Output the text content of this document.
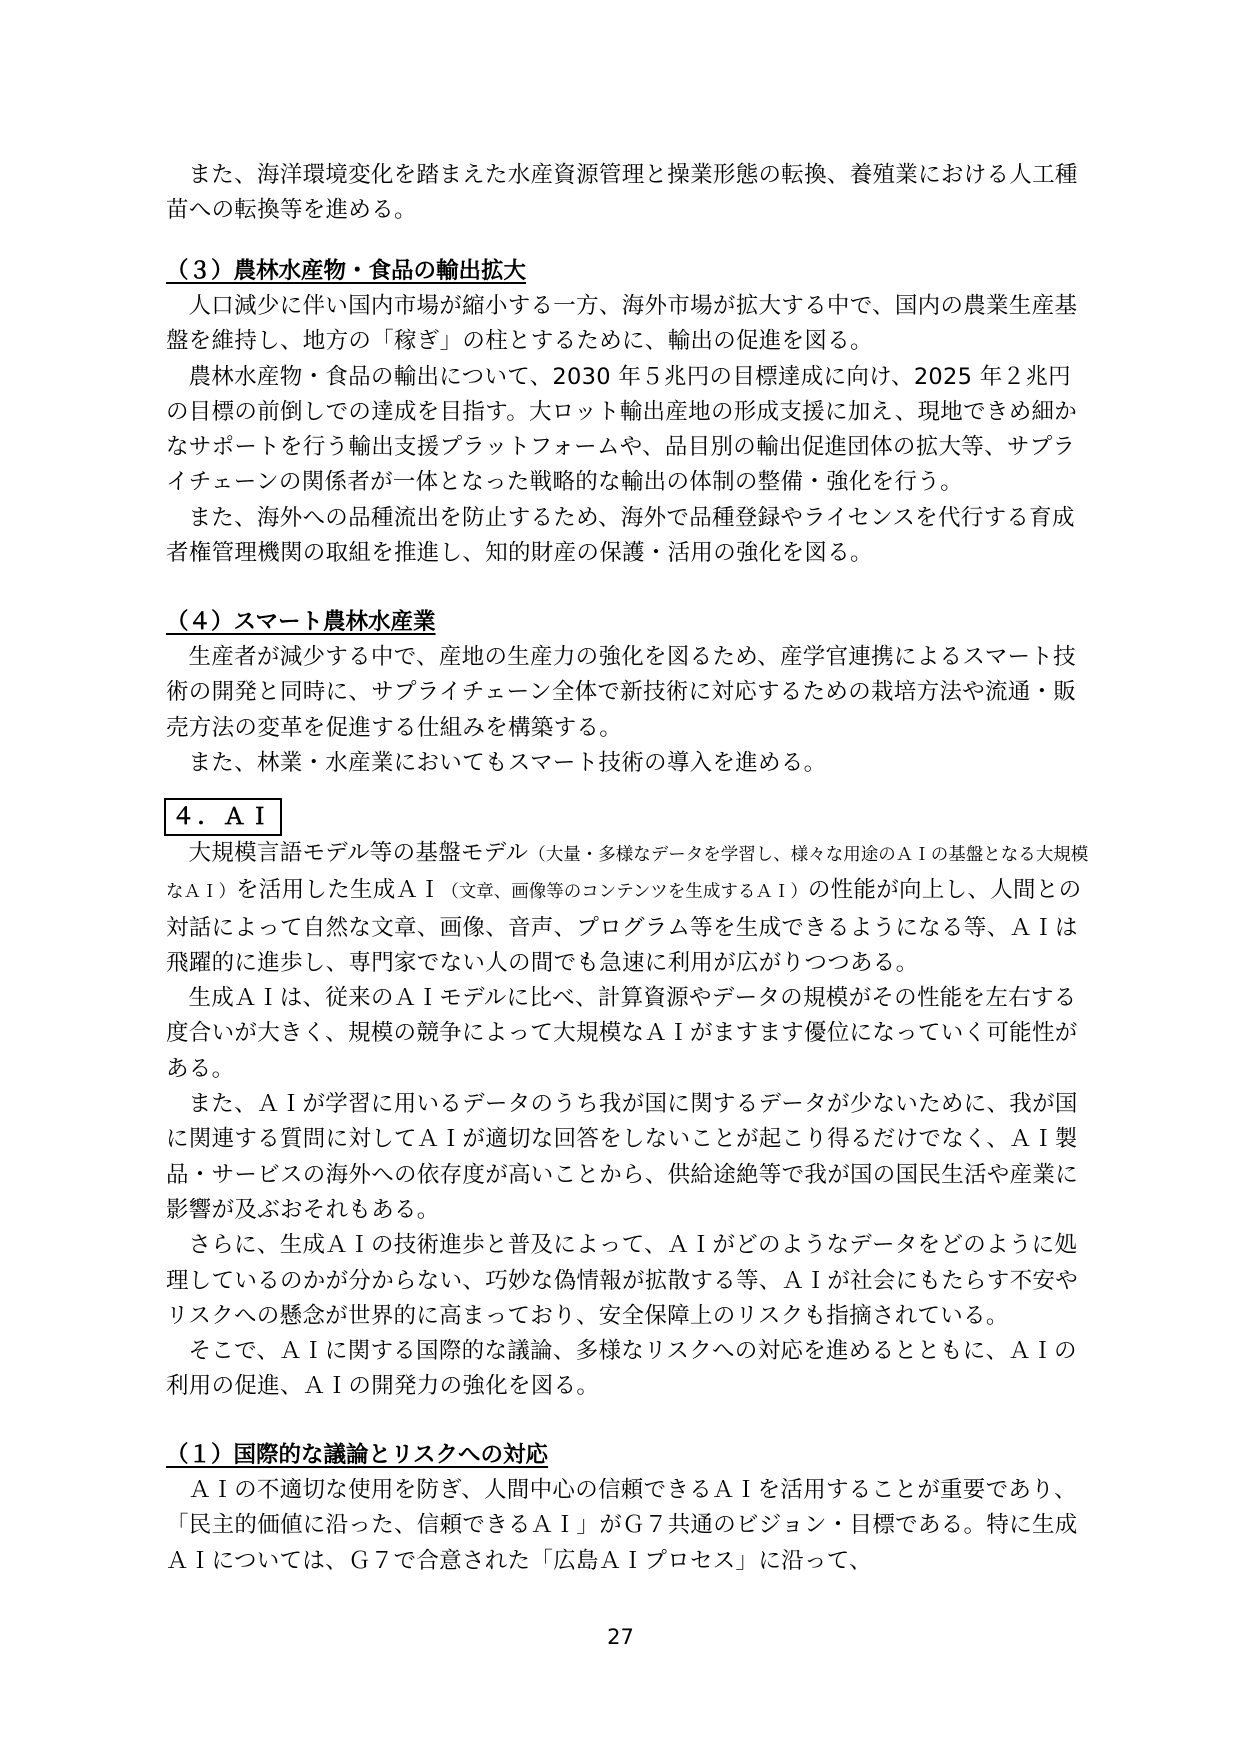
また、海洋環境変化を踏まえた水産資源管理と操業形態の転換、養殖業における人工種苗への転換等を進める。

（３）農林水産物・食品の輸出拡大

人口減少に伴い国内市場が縮小する一方、海外市場が拡大する中で、国内の農業生産基盤を維持し、地方の「稼ぎ」の柱とするために、輸出の促進を図る。

農林水産物・食品の輸出について、2030 年５兆円の目標達成に向け、2025 年２兆円の目標の前倒しでの達成を目指す。大ロット輸出産地の形成支援に加え、現地できめ細かなサポートを行う輸出支援プラットフォームや、品目別の輸出促進団体の拡大等、サプライチェーンの関係者が一体となった戦略的な輸出の体制の整備・強化を行う。

また、海外への品種流出を防止するため、海外で品種登録やライセンスを代行する育成者権管理機関の取組を推進し、知的財産の保護・活用の強化を図る。

（４）スマート農林水産業

生産者が減少する中で、産地の生産力の強化を図るため、産学官連携によるスマート技術の開発と同時に、サプライチェーン全体で新技術に対応するための栽培方法や流通・販売方法の変革を促進する仕組みを構築する。

また、林業・水産業においてもスマート技術の導入を進める。

４．ＡＩ

大規模言語モデル等の基盤モデル（大量・多様なデータを学習し、様々な用途のＡＩの基盤となる大規模なＡＩ）を活用した生成ＡＩ（文章、画像等のコンテンツを生成するＡＩ）の性能が向上し、人間との対話によって自然な文章、画像、音声、プログラム等を生成できるようになる等、ＡＩは飛躍的に進歩し、専門家でない人の間でも急速に利用が広がりつつある。

生成ＡＩは、従来のＡＩモデルに比べ、計算資源やデータの規模がその性能を左右する度合いが大きく、規模の競争によって大規模なＡＩがますます優位になっていく可能性がある。

また、ＡＩが学習に用いるデータのうち我が国に関するデータが少ないために、我が国に関連する質問に対してＡＩが適切な回答をしないことが起こり得るだけでなく、ＡＩ製品・サービスの海外への依存度が高いことから、供給途絶等で我が国の国民生活や産業に影響が及ぶおそれもある。

さらに、生成ＡＩの技術進歩と普及によって、ＡＩがどのようなデータをどのように処理しているのかが分からない、巧妙な偽情報が拡散する等、ＡＩが社会にもたらす不安やリスクへの懸念が世界的に高まっており、安全保障上のリスクも指摘されている。

そこで、ＡＩに関する国際的な議論、多様なリスクへの対応を進めるとともに、ＡＩの利用の促進、ＡＩの開発力の強化を図る。

（１）国際的な議論とリスクへの対応

ＡＩの不適切な使用を防ぎ、人間中心の信頼できるＡＩを活用することが重要であり、「民主的価値に沿った、信頼できるＡＩ」がＧ７共通のビジョン・目標である。特に生成ＡＩについては、Ｇ７で合意された「広島ＡＩプロセス」に沿って、

27
